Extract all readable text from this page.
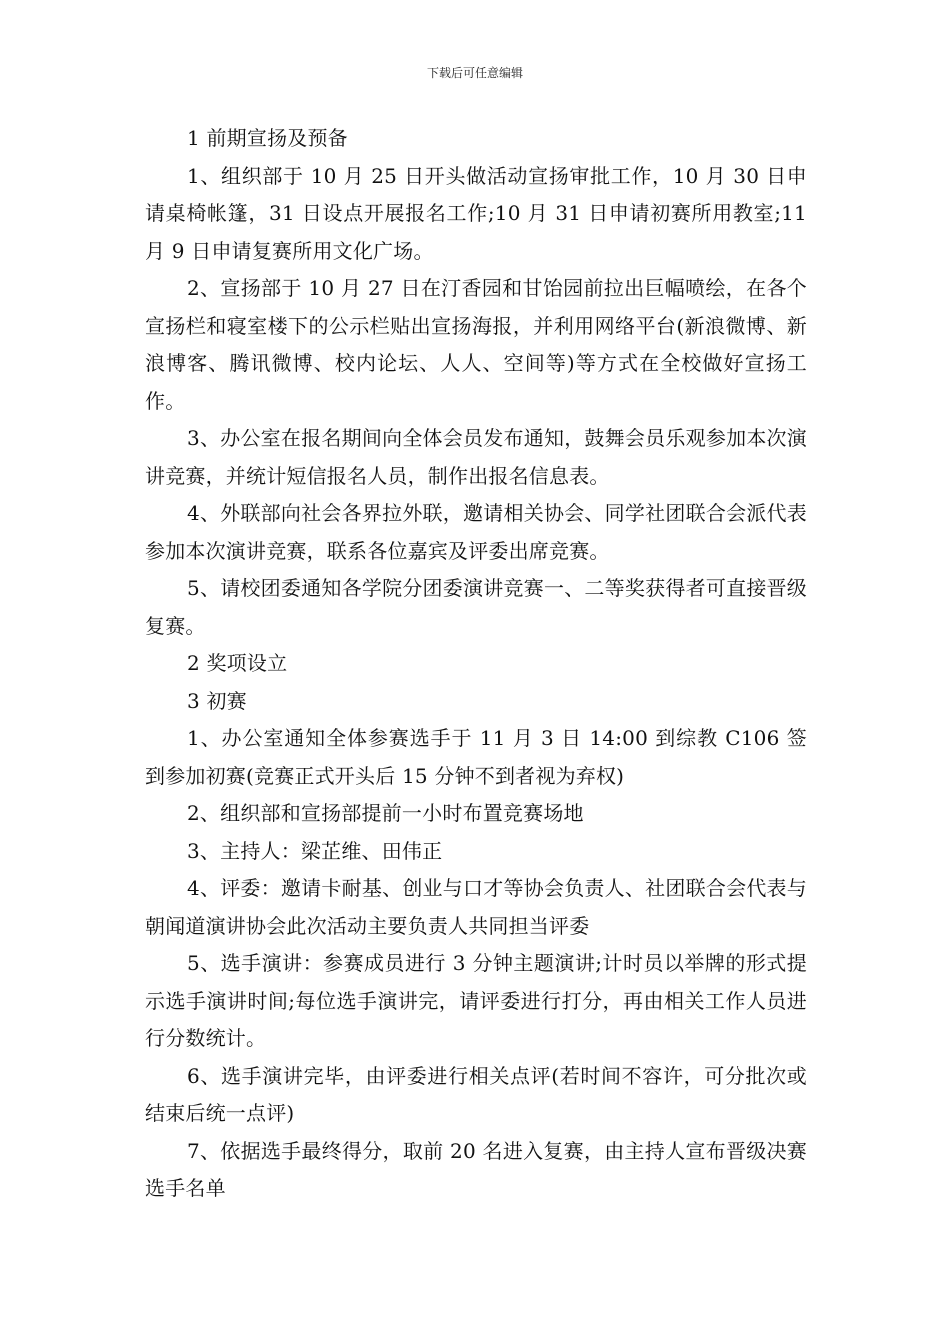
下载后可任意编辑

1 前期宣扬及预备

1、组织部于 10 月 25 日开头做活动宣扬审批工作，10 月 30 日申请桌椅帐篷，31 日设点开展报名工作;10 月 31 日申请初赛所用教室;11 月 9 日申请复赛所用文化广场。

2、宣扬部于 10 月 27 日在汀香园和甘饴园前拉出巨幅喷绘，在各个宣扬栏和寝室楼下的公示栏贴出宣扬海报，并利用网络平台(新浪微博、新浪博客、腾讯微博、校内论坛、人人、空间等)等方式在全校做好宣扬工作。

3、办公室在报名期间向全体会员发布通知，鼓舞会员乐观参加本次演讲竞赛，并统计短信报名人员，制作出报名信息表。

4、外联部向社会各界拉外联，邀请相关协会、同学社团联合会派代表参加本次演讲竞赛，联系各位嘉宾及评委出席竞赛。

5、请校团委通知各学院分团委演讲竞赛一、二等奖获得者可直接晋级复赛。

2 奖项设立

3 初赛

1、办公室通知全体参赛选手于 11 月 3 日 14:00 到综教 C106 签到参加初赛(竞赛正式开头后 15 分钟不到者视为弃权)

2、组织部和宣扬部提前一小时布置竞赛场地

3、主持人：梁芷维、田伟正

4、评委：邀请卡耐基、创业与口才等协会负责人、社团联合会代表与朝闻道演讲协会此次活动主要负责人共同担当评委

5、选手演讲：参赛成员进行 3 分钟主题演讲;计时员以举牌的形式提示选手演讲时间;每位选手演讲完，请评委进行打分，再由相关工作人员进行分数统计。

6、选手演讲完毕，由评委进行相关点评(若时间不容许，可分批次或结束后统一点评)

7、依据选手最终得分，取前 20 名进入复赛，由主持人宣布晋级决赛选手名单
